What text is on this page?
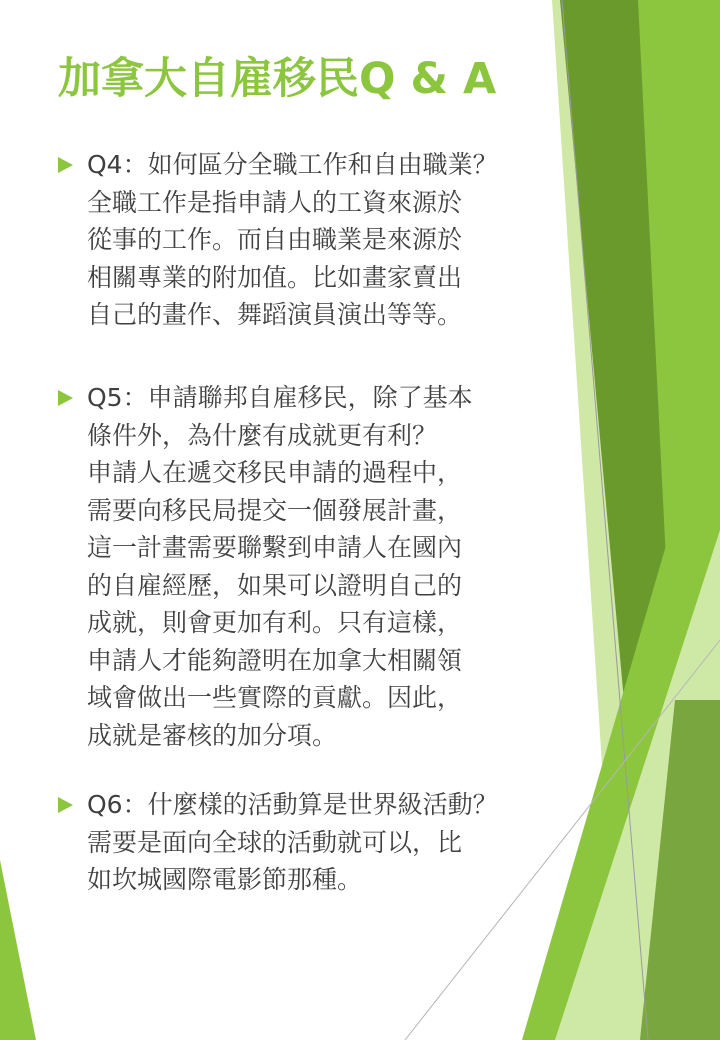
加拿大自雇移民Q & A
Q4：如何區分全職工作和自由職業？
全職工作是指申請人的工資來源於
從事的工作。而自由職業是來源於
相關專業的附加值。比如畫家賣出
自己的畫作、舞蹈演員演出等等。
Q5：申請聯邦自雇移民，除了基本
條件外，為什麼有成就更有利？
申請人在遞交移民申請的過程中，
需要向移民局提交一個發展計畫，
這一計畫需要聯繫到申請人在國內
的自雇經歷，如果可以證明自己的
成就，則會更加有利。只有這樣，
申請人才能夠證明在加拿大相關領
域會做出一些實際的貢獻。因此，
成就是審核的加分項。
Q6：什麼樣的活動算是世界級活動？
需要是面向全球的活動就可以，比
如坎城國際電影節那種。
